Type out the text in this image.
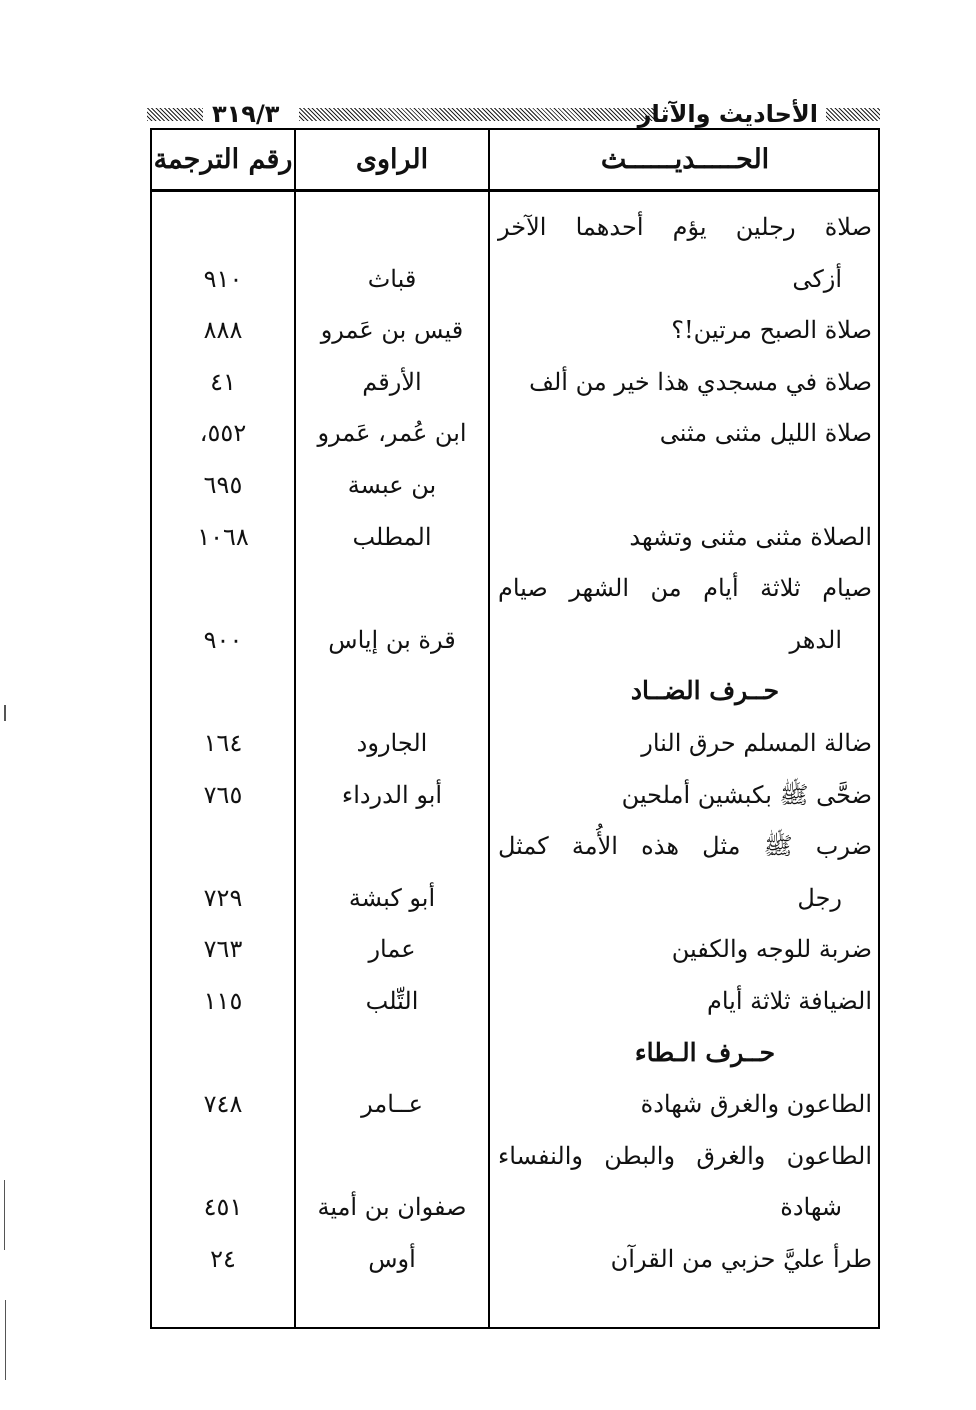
٣١٩/٣	الأحاديث والآثار
الحـــــديــــــث
الراوى
رقم الترجمة
صلاة رجلين يؤم أحدهما الآخر
أزكى
قباث
٩١٠
صلاة الصبح مرتين!؟
قيس بن عَمرو
٨٨٨
صلاة في مسجدي هذا خير من ألف
الأرقم
٤١
صلاة الليل مثنى مثنى
ابن عُمر، عَمرو
٥٥٢،
بن عبسة
٦٩٥
الصلاة مثنى مثنى وتشهد
المطلب
١٠٦٨
صيام ثلاثة أيام من الشهر صيام
الدهر
قرة بن إياس
٩٠٠
حــرف الضــاد
ضالة المسلم حرق النار
الجارود
١٦٤
ضحَّى ﷺ بكبشين أملحين
أبو الدرداء
٧٦٥
ضرب ﷺ مثل هذه الأُمة كمثل
رجل
أبو كبشة
٧٢٩
ضربة للوجه والكفين
عمار
٧٦٣
الضيافة ثلاثة أيام
التِّلب
١١٥
حــرف الـطاء
الطاعون والغرق شهادة
عــامر
٧٤٨
الطاعون والغرق والبطن والنفساء
شهادة
صفوان بن أمية
٤٥١
طرأ عليَّ حزبي من القرآن
أوس
٢٤
